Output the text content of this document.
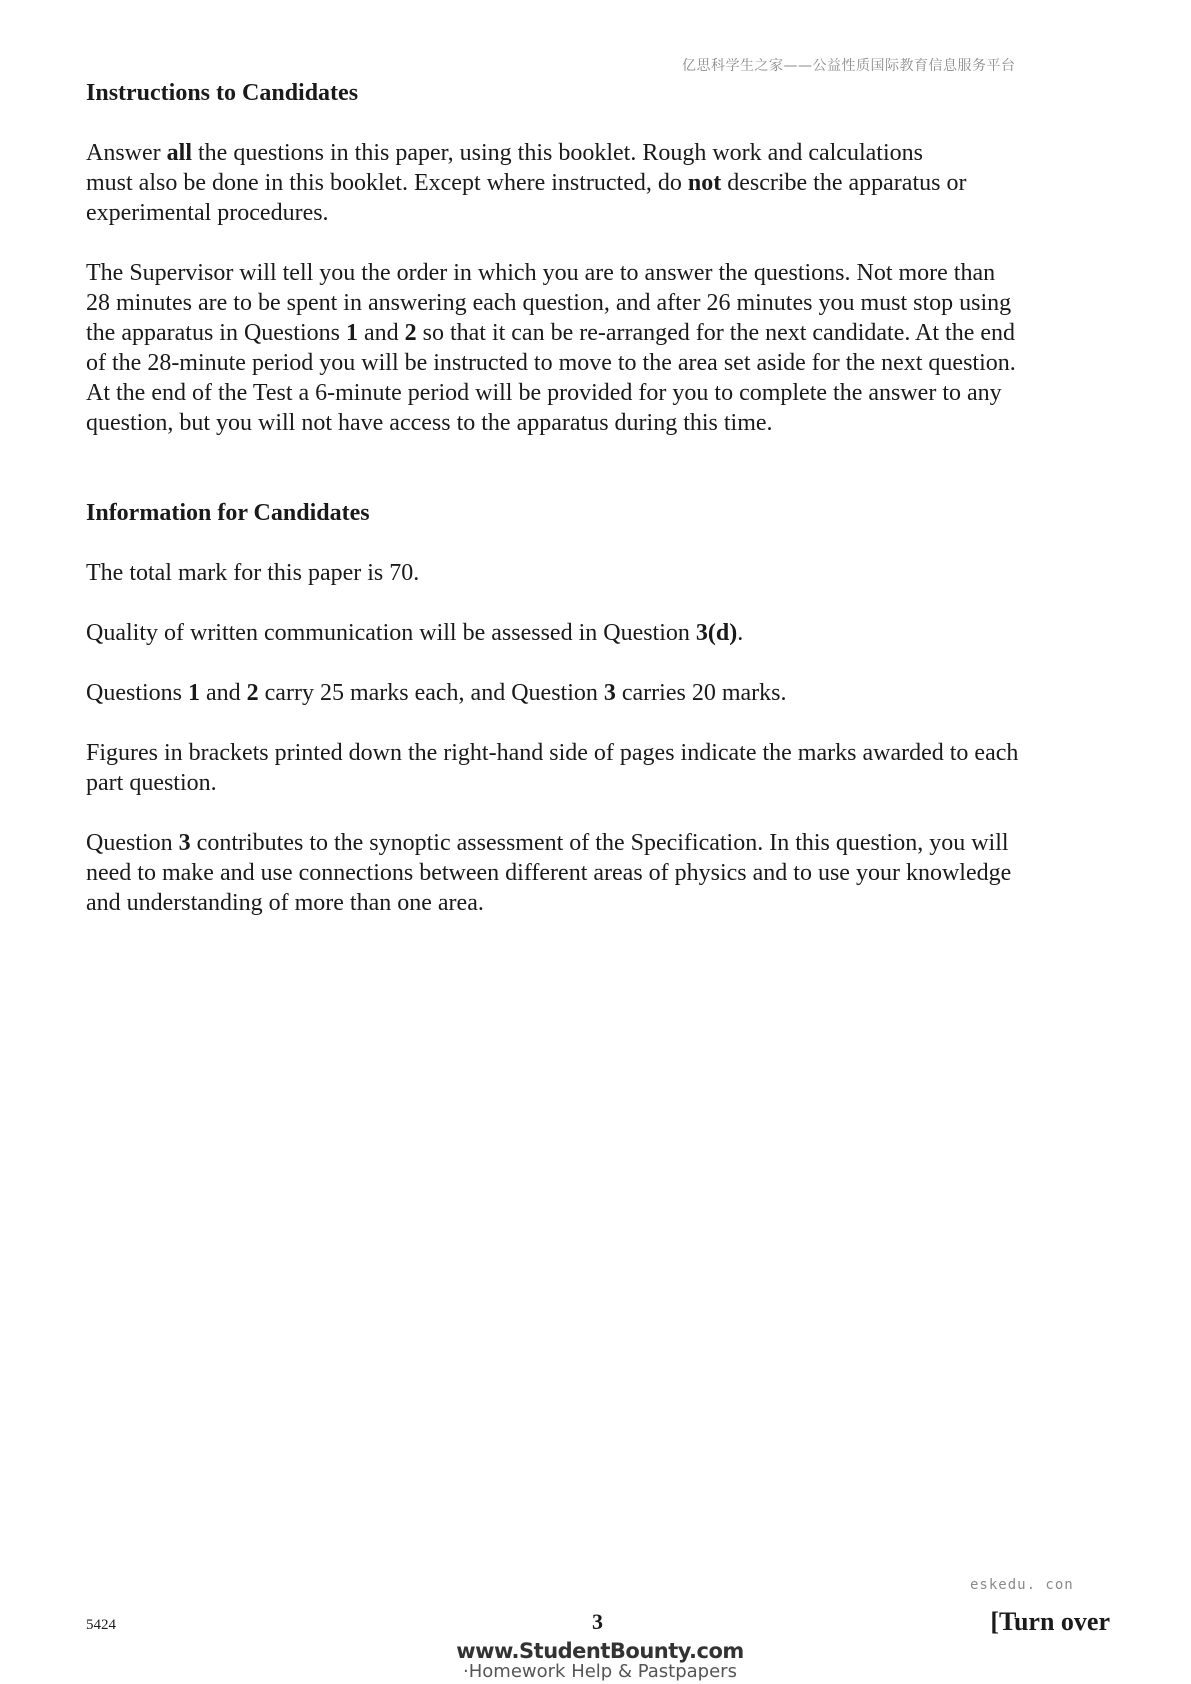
亿思科学生之家——公益性质国际教育信息服务平台
Instructions to Candidates

Answer all the questions in this paper, using this booklet. Rough work and calculations
must also be done in this booklet. Except where instructed, do not describe the apparatus or
experimental procedures.

The Supervisor will tell you the order in which you are to answer the questions. Not more than
28 minutes are to be spent in answering each question, and after 26 minutes you must stop using
the apparatus in Questions 1 and 2 so that it can be re-arranged for the next candidate. At the end
of the 28-minute period you will be instructed to move to the area set aside for the next question.
At the end of the Test a 6-minute period will be provided for you to complete the answer to any
question, but you will not have access to the apparatus during this time.

Information for Candidates

The total mark for this paper is 70.

Quality of written communication will be assessed in Question 3(d).

Questions 1 and 2 carry 25 marks each, and Question 3 carries 20 marks.

Figures in brackets printed down the right-hand side of pages indicate the marks awarded to each
part question.

Question 3 contributes to the synoptic assessment of the Specification. In this question, you will
need to make and use connections between different areas of physics and to use your knowledge
and understanding of more than one area.

eskedu. con
5424	3	[Turn over
www.StudentBounty.com
·Homework Help & Pastpapers
